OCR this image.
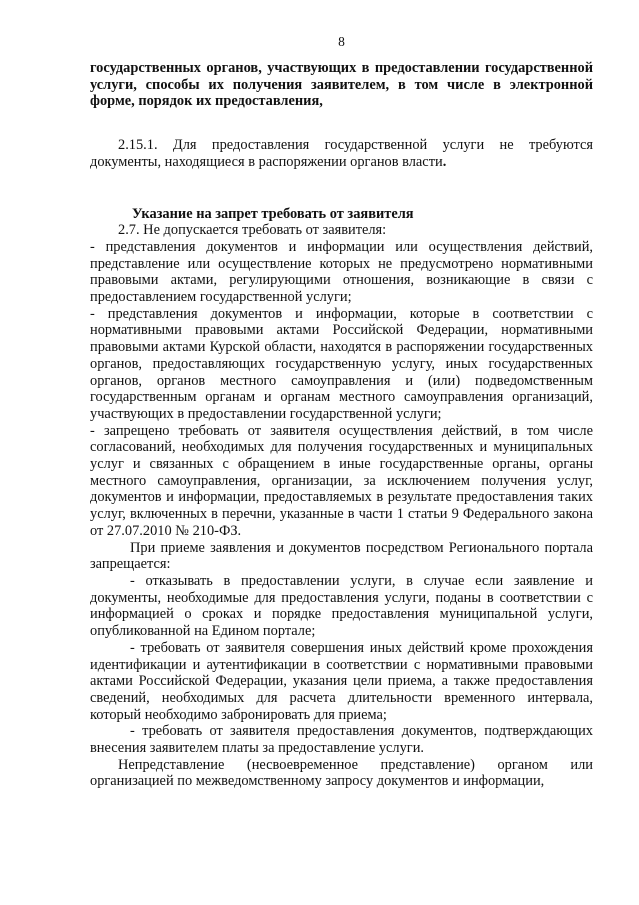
8

государственных органов, участвующих в предоставлении государственной услуги, способы их получения заявителем, в том числе в электронной форме, порядок их предоставления,

2.15.1. Для предоставления государственной услуги не требуются документы, находящиеся в распоряжении органов власти.

Указание на запрет требовать от заявителя

2.7. Не допускается требовать от заявителя:

- представления документов и информации или осуществления действий, представление или осуществление которых не предусмотрено нормативными правовыми актами, регулирующими отношения, возникающие в связи с предоставлением государственной услуги;

- представления документов и информации, которые в соответствии с нормативными правовыми актами Российской Федерации, нормативными правовыми актами Курской области, находятся в распоряжении государственных органов, предоставляющих государственную услугу, иных государственных органов, органов местного самоуправления и (или) подведомственным государственным органам и органам местного самоуправления организаций, участвующих в предоставлении государственной услуги;

- запрещено требовать от заявителя осуществления действий, в том числе согласований, необходимых для получения государственных и муниципальных услуг и связанных с обращением в иные государственные органы, органы местного самоуправления, организации, за исключением получения услуг, документов и информации, предоставляемых в результате предоставления таких услуг, включенных в перечни, указанные в части 1 статьи 9 Федерального закона от 27.07.2010 № 210-ФЗ.

При приеме заявления и документов посредством Регионального портала запрещается:

- отказывать в предоставлении услуги, в случае если заявление и документы, необходимые для предоставления услуги, поданы в соответствии с информацией о сроках и порядке предоставления муниципальной услуги, опубликованной на Едином портале;

- требовать от заявителя совершения иных действий кроме прохождения идентификации и аутентификации в соответствии с нормативными правовыми актами Российской Федерации, указания цели приема, а также предоставления сведений, необходимых для расчета длительности временного интервала, который необходимо забронировать для приема;

- требовать от заявителя предоставления документов, подтверждающих внесения заявителем платы за предоставление услуги.

Непредставление (несвоевременное представление) органом или организацией по межведомственному запросу документов и информации,
